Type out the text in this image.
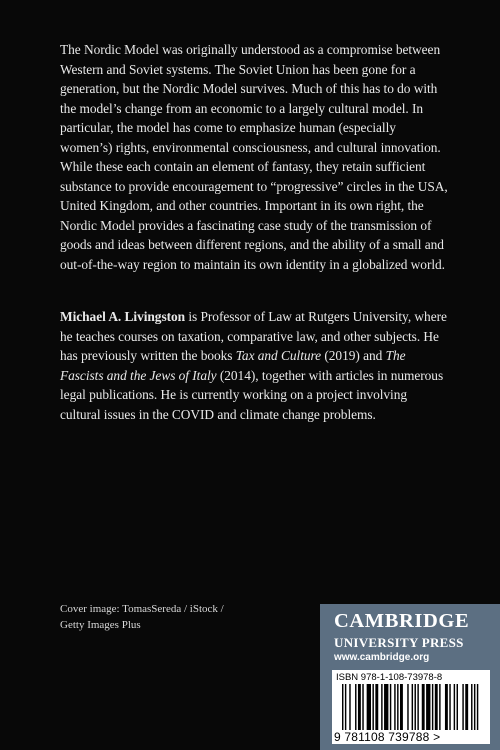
The Nordic Model was originally understood as a compromise between Western and Soviet systems. The Soviet Union has been gone for a generation, but the Nordic Model survives. Much of this has to do with the model’s change from an economic to a largely cultural model. In particular, the model has come to emphasize human (especially women’s) rights, environmental consciousness, and cultural innovation. While these each contain an element of fantasy, they retain sufficient substance to provide encouragement to “progressive” circles in the USA, United Kingdom, and other countries. Important in its own right, the Nordic Model provides a fascinating case study of the transmission of goods and ideas between different regions, and the ability of a small and out-of-the-way region to maintain its own identity in a globalized world.

Michael A. Livingston is Professor of Law at Rutgers University, where he teaches courses on taxation, comparative law, and other subjects. He has previously written the books Tax and Culture (2019) and The Fascists and the Jews of Italy (2014), together with articles in numerous legal publications. He is currently working on a project involving cultural issues in the COVID and climate change problems.

Cover image: TomasSereda / iStock /
Getty Images Plus	CAMBRIDGE
UNIVERSITY PRESS
www.cambridge.org
ISBN 978-1-108-73978-8
9 781108 739788 >
